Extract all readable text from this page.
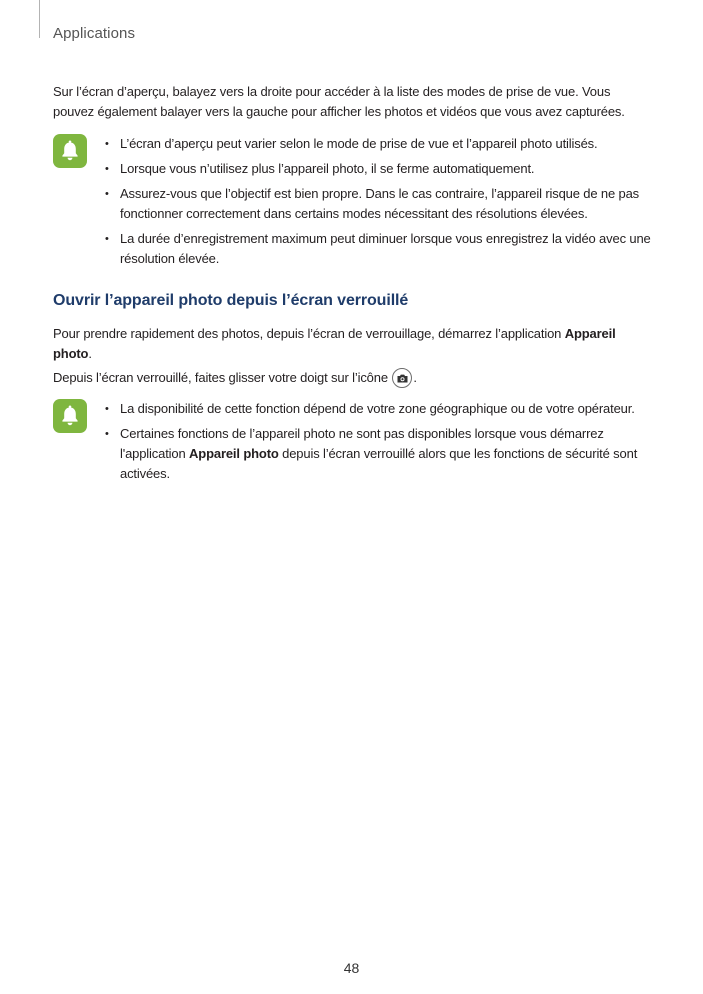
Applications

Sur l’écran d’aperçu, balayez vers la droite pour accéder à la liste des modes de prise de vue. Vous pouvez également balayer vers la gauche pour afficher les photos et vidéos que vous avez capturées.

• L’écran d’aperçu peut varier selon le mode de prise de vue et l’appareil photo utilisés.
• Lorsque vous n’utilisez plus l’appareil photo, il se ferme automatiquement.
• Assurez-vous que l’objectif est bien propre. Dans le cas contraire, l’appareil risque de ne pas fonctionner correctement dans certains modes nécessitant des résolutions élevées.
• La durée d’enregistrement maximum peut diminuer lorsque vous enregistrez la vidéo avec une résolution élevée.
Ouvrir l’appareil photo depuis l’écran verrouillé

Pour prendre rapidement des photos, depuis l’écran de verrouillage, démarrez l’application Appareil photo.

Depuis l’écran verrouillé, faites glisser votre doigt sur l’icône .

• La disponibilité de cette fonction dépend de votre zone géographique ou de votre opérateur.
• Certaines fonctions de l’appareil photo ne sont pas disponibles lorsque vous démarrez l'application Appareil photo depuis l’écran verrouillé alors que les fonctions de sécurité sont activées.
48
